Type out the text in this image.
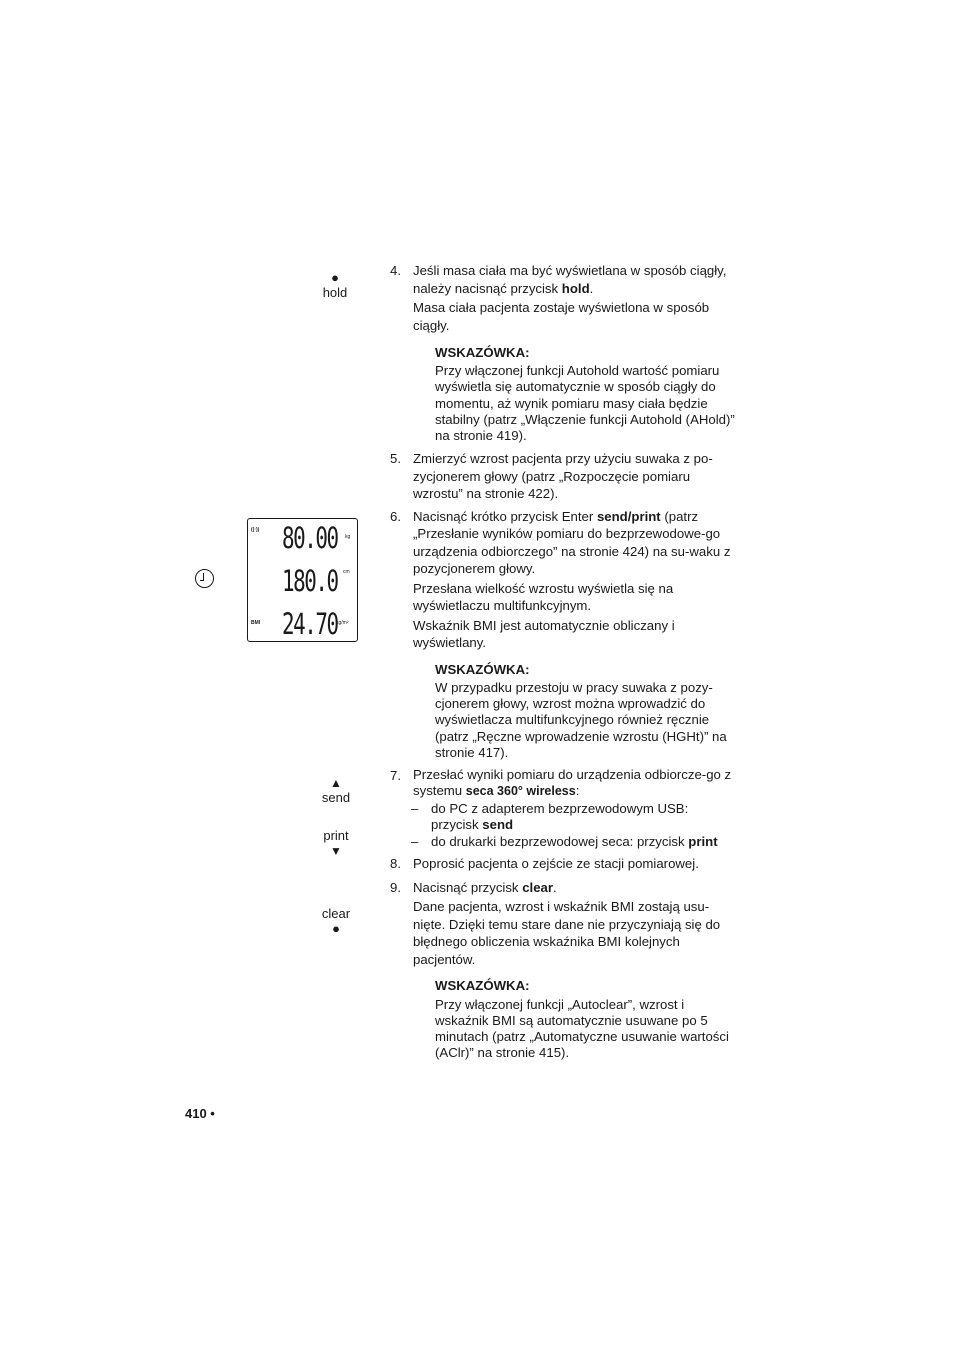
●
hold
▲
send
print
▼
clear
●
((·)) 80.00 kg
180.0 cm
BMI 24.70
kg/m²
4. Jeśli masa ciała ma być wyświetlana w sposób ciągły, należy nacisnąć przycisk hold.

Masa ciała pacjenta zostaje wyświetlona w sposób ciągły.

WSKAZÓWKA:
Przy włączonej funkcji Autohold wartość pomiaru wyświetla się automatycznie w sposób ciągły do momentu, aż wynik pomiaru masy ciała będzie stabilny (patrz „Włączenie funkcji Autohold (AHold)” na stronie 419).
5. Zmierzyć wzrost pacjenta przy użyciu suwaka z po-zycjonerem głowy (patrz „Rozpoczęcie pomiaru wzrostu” na stronie 422).

6. Nacisnąć krótko przycisk Enter send/print (patrz „Przesłanie wyników pomiaru do bezprzewodowe-go urządzenia odbiorczego” na stronie 424) na su-waku z pozycjonerem głowy.

Przesłana wielkość wzrostu wyświetla się na wyświetlaczu multifunkcyjnym.

Wskaźnik BMI jest automatycznie obliczany i wyświetlany.

WSKAZÓWKA:
W przypadku przestoju w pracy suwaka z pozy-cjonerem głowy, wzrost można wprowadzić do wyświetlacza multifunkcyjnego również ręcznie (patrz „Ręczne wprowadzenie wzrostu (HGHt)” na stronie 417).
7. Przesłać wyniki pomiaru do urządzenia odbiorcze-go z systemu seca 360° wireless:

– do PC z adapterem bezprzewodowym USB: przycisk send
– do drukarki bezprzewodowej seca: przycisk print
8. Poprosić pacjenta o zejście ze stacji pomiarowej.

9. Nacisnąć przycisk clear.

Dane pacjenta, wzrost i wskaźnik BMI zostają usu-nięte. Dzięki temu stare dane nie przyczyniają się do błędnego obliczenia wskaźnika BMI kolejnych pacjentów.

WSKAZÓWKA:
Przy włączonej funkcji „Autoclear”, wzrost i wskaźnik BMI są automatycznie usuwane po 5 minutach (patrz „Automatyczne usuwanie wartości (AClr)” na stronie 415).
410 •
